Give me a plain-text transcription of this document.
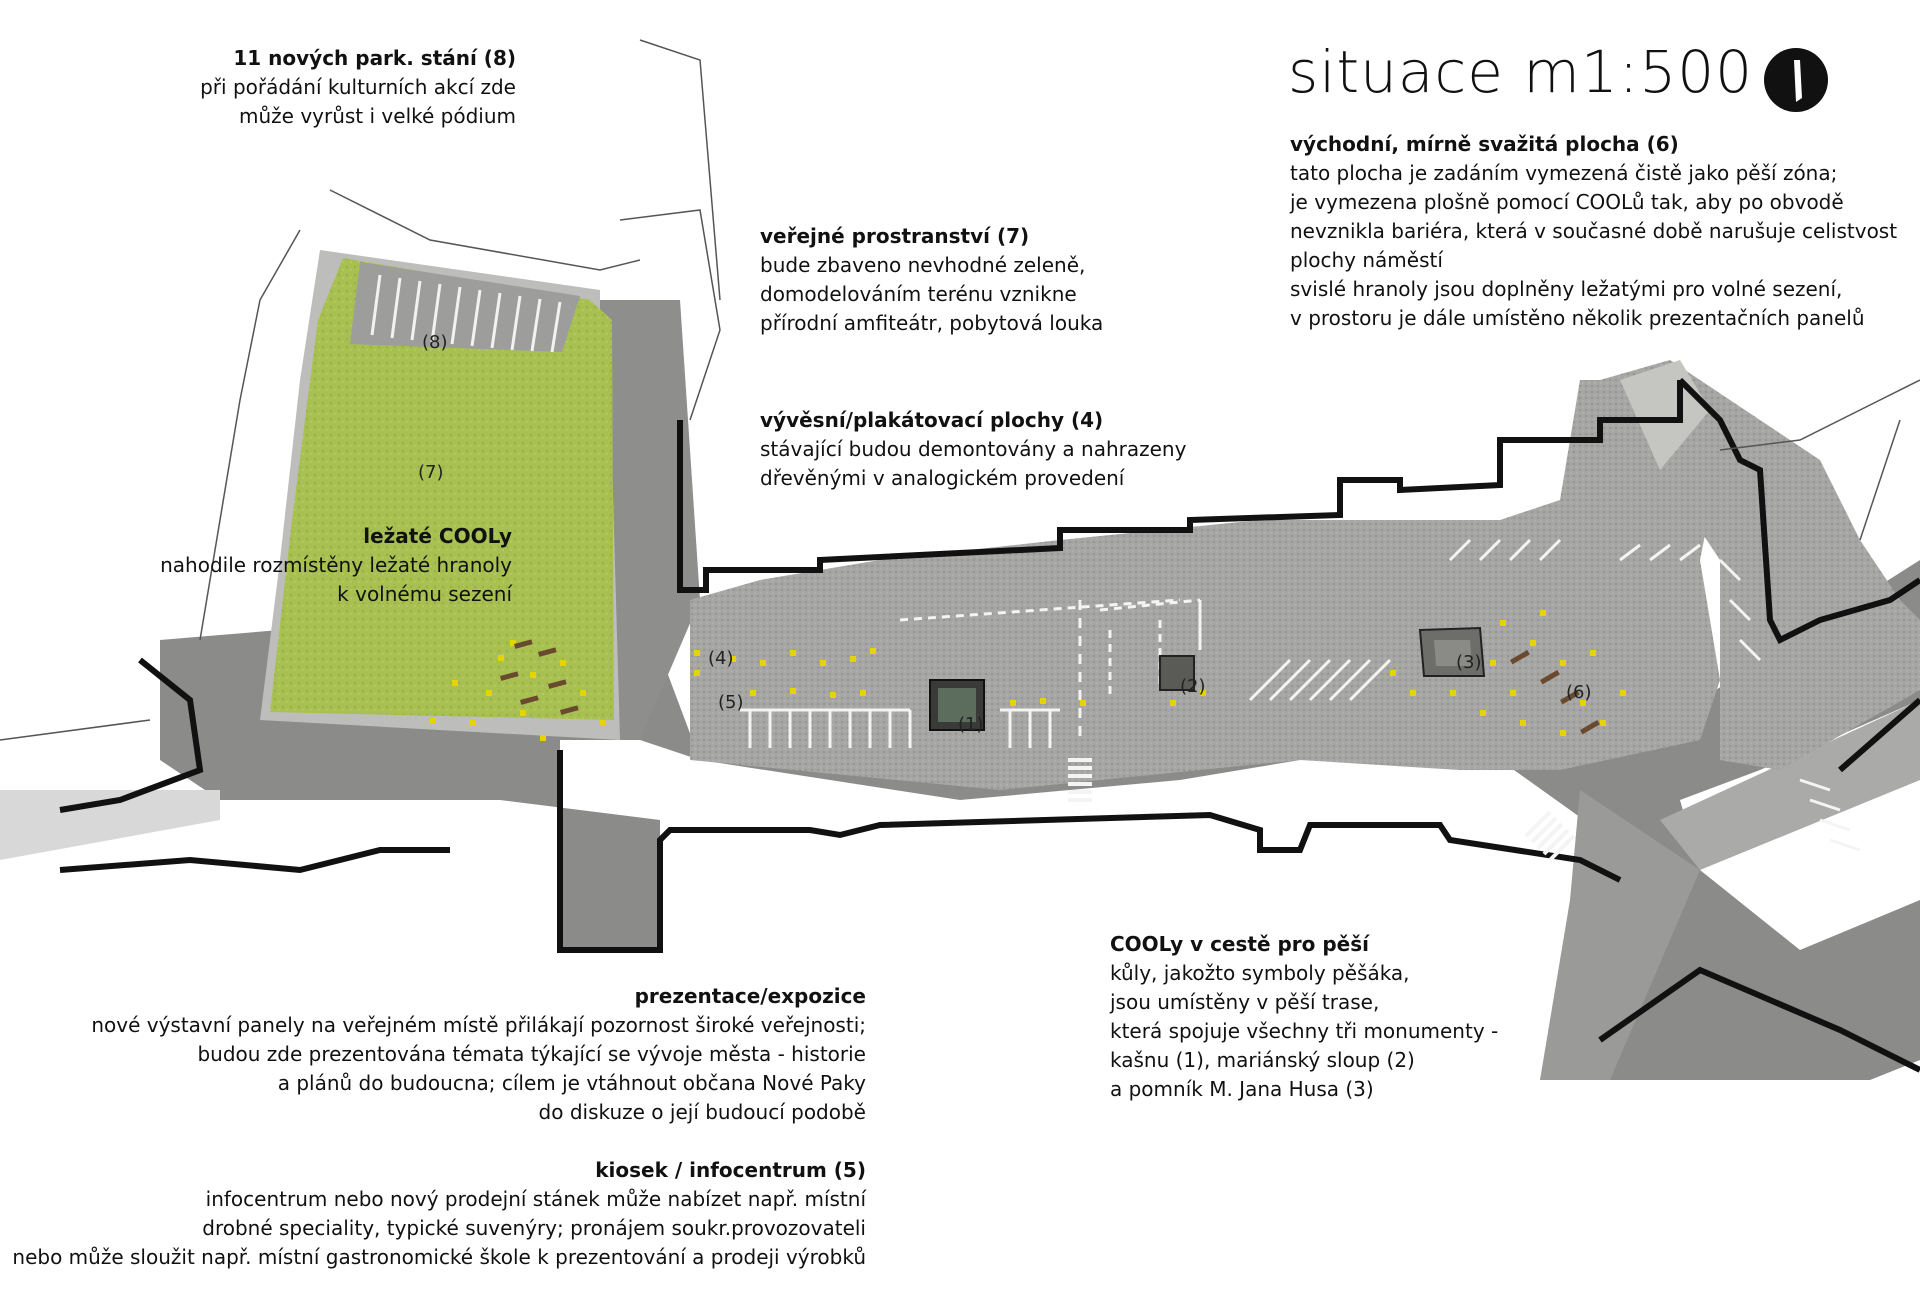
(8)
(7)
(4)
(5)
(1)
(2)
(3)
(6)
situace m1:500
11 nových park. stání (8)
při pořádání kulturních akcí zde
může vyrůst i velké pódium
veřejné prostranství (7)
bude zbaveno nevhodné zeleně,
domodelováním terénu vznikne
přírodní amfiteátr, pobytová louka
vývěsní/plakátovací plochy (4)
stávající budou demontovány a nahrazeny
dřevěnými v analogickém provedení
ležaté COOLy
nahodile rozmístěny ležaté hranoly
k volnému sezení
východní, mírně svažitá plocha (6)
tato plocha je zadáním vymezená čistě jako pěší zóna;
je vymezena plošně pomocí COOLů tak, aby po obvodě
nevznikla bariéra, která v současné době narušuje celistvost
plochy náměstí
svislé hranoly jsou doplněny ležatými pro volné sezení,
v prostoru je dále umístěno několik prezentačních panelů
COOLy v cestě pro pěší
kůly, jakožto symboly pěšáka,
jsou umístěny v pěší trase,
která spojuje všechny tři monumenty -
kašnu (1), mariánský sloup (2)
a pomník M. Jana Husa (3)
prezentace/expozice
nové výstavní panely na veřejném místě přilákají pozornost široké veřejnosti;
budou zde prezentována témata týkající se vývoje města - historie
a plánů do budoucna; cílem je vtáhnout občana Nové Paky
do diskuze o její budoucí podobě
kiosek / infocentrum (5)
infocentrum nebo nový prodejní stánek může nabízet např. místní
drobné speciality, typické suvenýry; pronájem soukr.provozovateli
nebo může sloužit např. místní gastronomické škole k prezentování a prodeji výrobků
